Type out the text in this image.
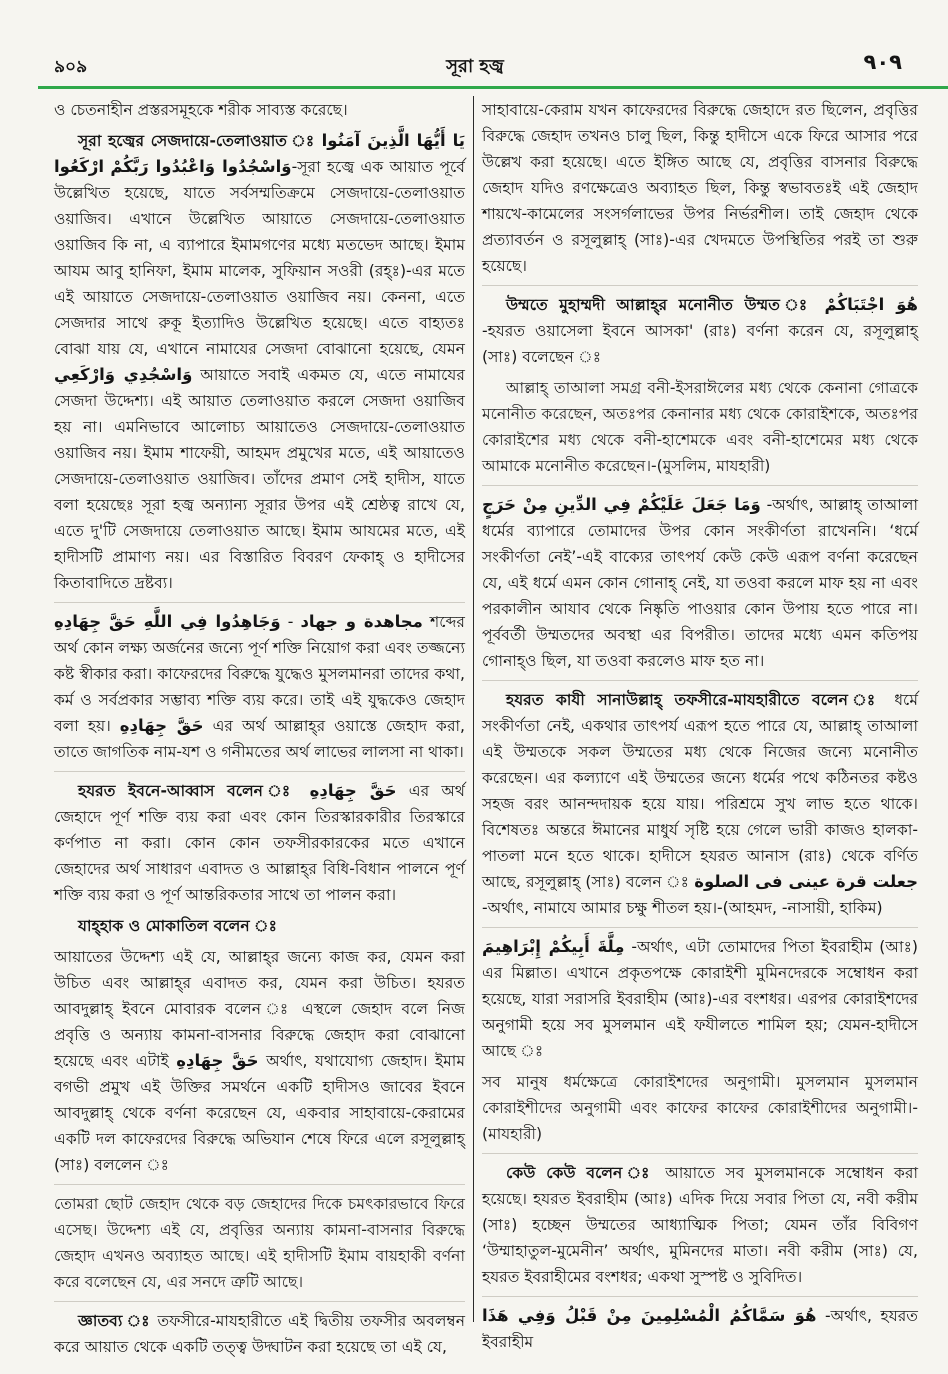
৯০৯	সূরা হজ্ব	٩٠٩

ও চেতনাহীন প্রস্তরসমূহকে শরীক সাব্যস্ত করেছে।

সূরা হজ্বের সেজদায়ে-তেলাওয়াত ঃ يَا أَيُّهَا الَّذِينَ آمَنُوا ارْكَعُوا وَاسْجُدُوا وَاعْبُدُوا رَبَّكُمْ-সূরা হজ্বে এক আয়াত পূর্বে উল্লেখিত হয়েছে, যাতে সর্বসম্মতিক্রমে সেজদায়ে-তেলাওয়াত ওয়াজিব। এখানে উল্লেখিত আয়াতে সেজদায়ে-তেলাওয়াত ওয়াজিব কি না, এ ব্যাপারে ইমামগণের মধ্যে মতভেদ আছে। ইমাম আযম আবু হানিফা, ইমাম মালেক, সুফিয়ান সওরী (রহ্ঃ)-এর মতে এই আয়াতে সেজদায়ে-তেলাওয়াত ওয়াজিব নয়। কেননা, এতে সেজদার সাথে রুকূ ইত্যাদিও উল্লেখিত হয়েছে। এতে বাহ্যতঃ বোঝা যায় যে, এখানে নামাযের সেজদা বোঝানো হয়েছে, যেমন وَاسْجُدِي وَارْكَعِي আয়াতে সবাই একমত যে, এতে নামাযের সেজদা উদ্দেশ্য। এই আয়াত তেলাওয়াত করলে সেজদা ওয়াজিব হয় না। এমনিভাবে আলোচ্য আয়াতেও সেজদায়ে-তেলাওয়াত ওয়াজিব নয়। ইমাম শাফেয়ী, আহমদ প্রমুখের মতে, এই আয়াতেও সেজদায়ে-তেলাওয়াত ওয়াজিব। তাঁদের প্রমাণ সেই হাদীস, যাতে বলা হয়েছেঃ সূরা হজ্ব অন্যান্য সূরার উপর এই শ্রেষ্ঠত্ব রাখে যে, এতে দু'টি সেজদায়ে তেলাওয়াত আছে। ইমাম আযমের মতে, এই হাদীসটি প্রামাণ্য নয়। এর বিস্তারিত বিবরণ ফেকাহ্‌ ও হাদীসের কিতাবাদিতে দ্রষ্টব্য।

وَجَاهِدُوا فِي اللَّهِ حَقَّ جِهَادِهِ - مجاهدة و جهاد শব্দের অর্থ কোন লক্ষ্য অর্জনের জন্যে পূর্ণ শক্তি নিয়োগ করা এবং তজ্জন্যে কষ্ট স্বীকার করা। কাফেরদের বিরুদ্ধে যুদ্ধেও মুসলমানরা তাদের কথা, কর্ম ও সর্বপ্রকার সম্ভাব্য শক্তি ব্যয় করে। তাই এই যুদ্ধকেও জেহাদ বলা হয়। حَقَّ جِهَادِهِ এর অর্থ আল্লাহ্‌র ওয়াস্তে জেহাদ করা, তাতে জাগতিক নাম-যশ ও গনীমতের অর্থ লাভের লালসা না থাকা।

হযরত ইবনে-আব্বাস বলেন ঃ حَقَّ جِهَادِهِ এর অর্থ জেহাদে পূর্ণ শক্তি ব্যয় করা এবং কোন তিরস্কারকারীর তিরস্কারে কর্ণপাত না করা। কোন কোন তফসীরকারকের মতে এখানে জেহাদের অর্থ সাধারণ এবাদত ও আল্লাহ্‌র বিধি-বিধান পালনে পূর্ণ শক্তি ব্যয় করা ও পূর্ণ আন্তরিকতার সাথে তা পালন করা।

যাহ্‌হাক ও মোকাতিল বলেন ঃ

আয়াতের উদ্দেশ্য এই যে, আল্লাহ্‌র জন্যে কাজ কর, যেমন করা উচিত এবং আল্লাহ্‌র এবাদত কর, যেমন করা উচিত। হযরত আবদুল্লাহ্‌ ইবনে মোবারক বলেন ঃ এস্থলে জেহাদ বলে নিজ প্রবৃত্তি ও অন্যায় কামনা-বাসনার বিরুদ্ধে জেহাদ করা বোঝানো হয়েছে এবং এটাই حَقَّ جِهَادِهِ অর্থাৎ, যথাযোগ্য জেহাদ। ইমাম বগভী প্রমুখ এই উক্তির সমর্থনে একটি হাদীসও জাবের ইবনে আবদুল্লাহ্‌ থেকে বর্ণনা করেছেন যে, একবার সাহাবায়ে-কেরামের একটি দল কাফেরদের বিরুদ্ধে অভিযান শেষে ফিরে এলে রসূলুল্লাহ্‌ (সাঃ) বললেন ঃ

তোমরা ছোট জেহাদ থেকে বড় জেহাদের দিকে চমৎকারভাবে ফিরে এসেছ। উদ্দেশ্য এই যে, প্রবৃত্তির অন্যায় কামনা-বাসনার বিরুদ্ধে জেহাদ এখনও অব্যাহত আছে। এই হাদীসটি ইমাম বায়হাকী বর্ণনা করে বলেছেন যে, এর সনদে ত্রুটি আছে।

জ্ঞাতব্য ঃ তফসীরে-মাযহারীতে এই দ্বিতীয় তফসীর অবলম্বন করে আয়াত থেকে একটি তত্ত্ব উদ্ঘাটন করা হয়েছে তা এই যে,

সাহাবায়ে-কেরাম যখন কাফেরদের বিরুদ্ধে জেহাদে রত ছিলেন, প্রবৃত্তির বিরুদ্ধে জেহাদ তখনও চালু ছিল, কিন্তু হাদীসে একে ফিরে আসার পরে উল্লেখ করা হয়েছে। এতে ইঙ্গিত আছে যে, প্রবৃত্তির বাসনার বিরুদ্ধে জেহাদ যদিও রণক্ষেত্রেও অব্যাহত ছিল, কিন্তু স্বভাবতঃই এই জেহাদ শায়খে-কামেলের সংসর্গলাভের উপর নির্ভরশীল। তাই জেহাদ থেকে প্রত্যাবর্তন ও রসূলুল্লাহ্‌ (সাঃ)-এর খেদমতে উপস্থিতির পরই তা শুরু হয়েছে।

উম্মতে মুহাম্মদী আল্লাহ্‌র মনোনীত উম্মত ঃ هُوَ اجْتَبَاكُمْ -হযরত ওয়াসেলা ইবনে আসকা' (রাঃ) বর্ণনা করেন যে, রসূলুল্লাহ্‌ (সাঃ) বলেছেন ঃ

আল্লাহ্‌ তাআলা সমগ্র বনী-ইসরাঈলের মধ্য থেকে কেনানা গোত্রকে মনোনীত করেছেন, অতঃপর কেনানার মধ্য থেকে কোরাইশকে, অতঃপর কোরাইশের মধ্য থেকে বনী-হাশেমকে এবং বনী-হাশেমের মধ্য থেকে আমাকে মনোনীত করেছেন।-(মুসলিম, মাযহারী)

وَمَا جَعَلَ عَلَيْكُمْ فِي الدِّينِ مِنْ حَرَجٍ -অর্থাৎ, আল্লাহ্‌ তাআলা ধর্মের ব্যাপারে তোমাদের উপর কোন সংকীর্ণতা রাখেননি। ‘ধর্মে সংকীর্ণতা নেই’-এই বাক্যের তাৎপর্য কেউ কেউ এরূপ বর্ণনা করেছেন যে, এই ধর্মে এমন কোন গোনাহ্‌ নেই, যা তওবা করলে মাফ হয় না এবং পরকালীন আযাব থেকে নিষ্কৃতি পাওয়ার কোন উপায় হতে পারে না। পূর্ববর্তী উম্মতদের অবস্থা এর বিপরীত। তাদের মধ্যে এমন কতিপয় গোনাহ্‌ও ছিল, যা তওবা করলেও মাফ হত না।

হযরত কাযী সানাউল্লাহ্‌ তফসীরে-মাযহারীতে বলেন ঃ ধর্মে সংকীর্ণতা নেই, একথার তাৎপর্য এরূপ হতে পারে যে, আল্লাহ্‌ তাআলা এই উম্মতকে সকল উম্মতের মধ্য থেকে নিজের জন্যে মনোনীত করেছেন। এর কল্যাণে এই উম্মতের জন্যে ধর্মের পথে কঠিনতর কষ্টও সহজ বরং আনন্দদায়ক হয়ে যায়। পরিশ্রমে সুখ লাভ হতে থাকে। বিশেষতঃ অন্তরে ঈমানের মাধুর্য সৃষ্টি হয়ে গেলে ভারী কাজও হালকা-পাতলা মনে হতে থাকে। হাদীসে হযরত আনাস (রাঃ) থেকে বর্ণিত আছে, রসূলুল্লাহ্‌ (সাঃ) বলেন ঃ جعلت قرة عينى فى الصلوة -অর্থাৎ, নামাযে আমার চক্ষু শীতল হয়।-(আহমদ, -নাসায়ী, হাকিম)

مِلَّةَ أَبِيكُمْ إِبْرَاهِيمَ -অর্থাৎ, এটা তোমাদের পিতা ইবরাহীম (আঃ) এর মিল্লাত। এখানে প্রকৃতপক্ষে কোরাইশী মুমিনদেরকে সম্বোধন করা হয়েছে, যারা সরাসরি ইবরাহীম (আঃ)-এর বংশধর। এরপর কোরাইশদের অনুগামী হয়ে সব মুসলমান এই ফযীলতে শামিল হয়; যেমন-হাদীসে আছে ঃ

সব মানুষ ধর্মক্ষেত্রে কোরাইশদের অনুগামী। মুসলমান মুসলমান কোরাইশীদের অনুগামী এবং কাফের কাফের কোরাইশীদের অনুগামী।-(মাযহারী)

কেউ কেউ বলেন ঃ আয়াতে সব মুসলমানকে সম্বোধন করা হয়েছে। হযরত ইবরাহীম (আঃ) এদিক দিয়ে সবার পিতা যে, নবী করীম (সাঃ) হচ্ছেন উম্মতের আধ্যাত্মিক পিতা; যেমন তাঁর বিবিগণ ‘উম্মাহাতুল-মুমেনীন’ অর্থাৎ, মুমিনদের মাতা। নবী করীম (সাঃ) যে, হযরত ইবরাহীমের বংশধর; একথা সুস্পষ্ট ও সুবিদিত।

هُوَ سَمَّاكُمُ الْمُسْلِمِينَ مِنْ قَبْلُ وَفِي هَذَا -অর্থাৎ, হযরত ইবরাহীম
